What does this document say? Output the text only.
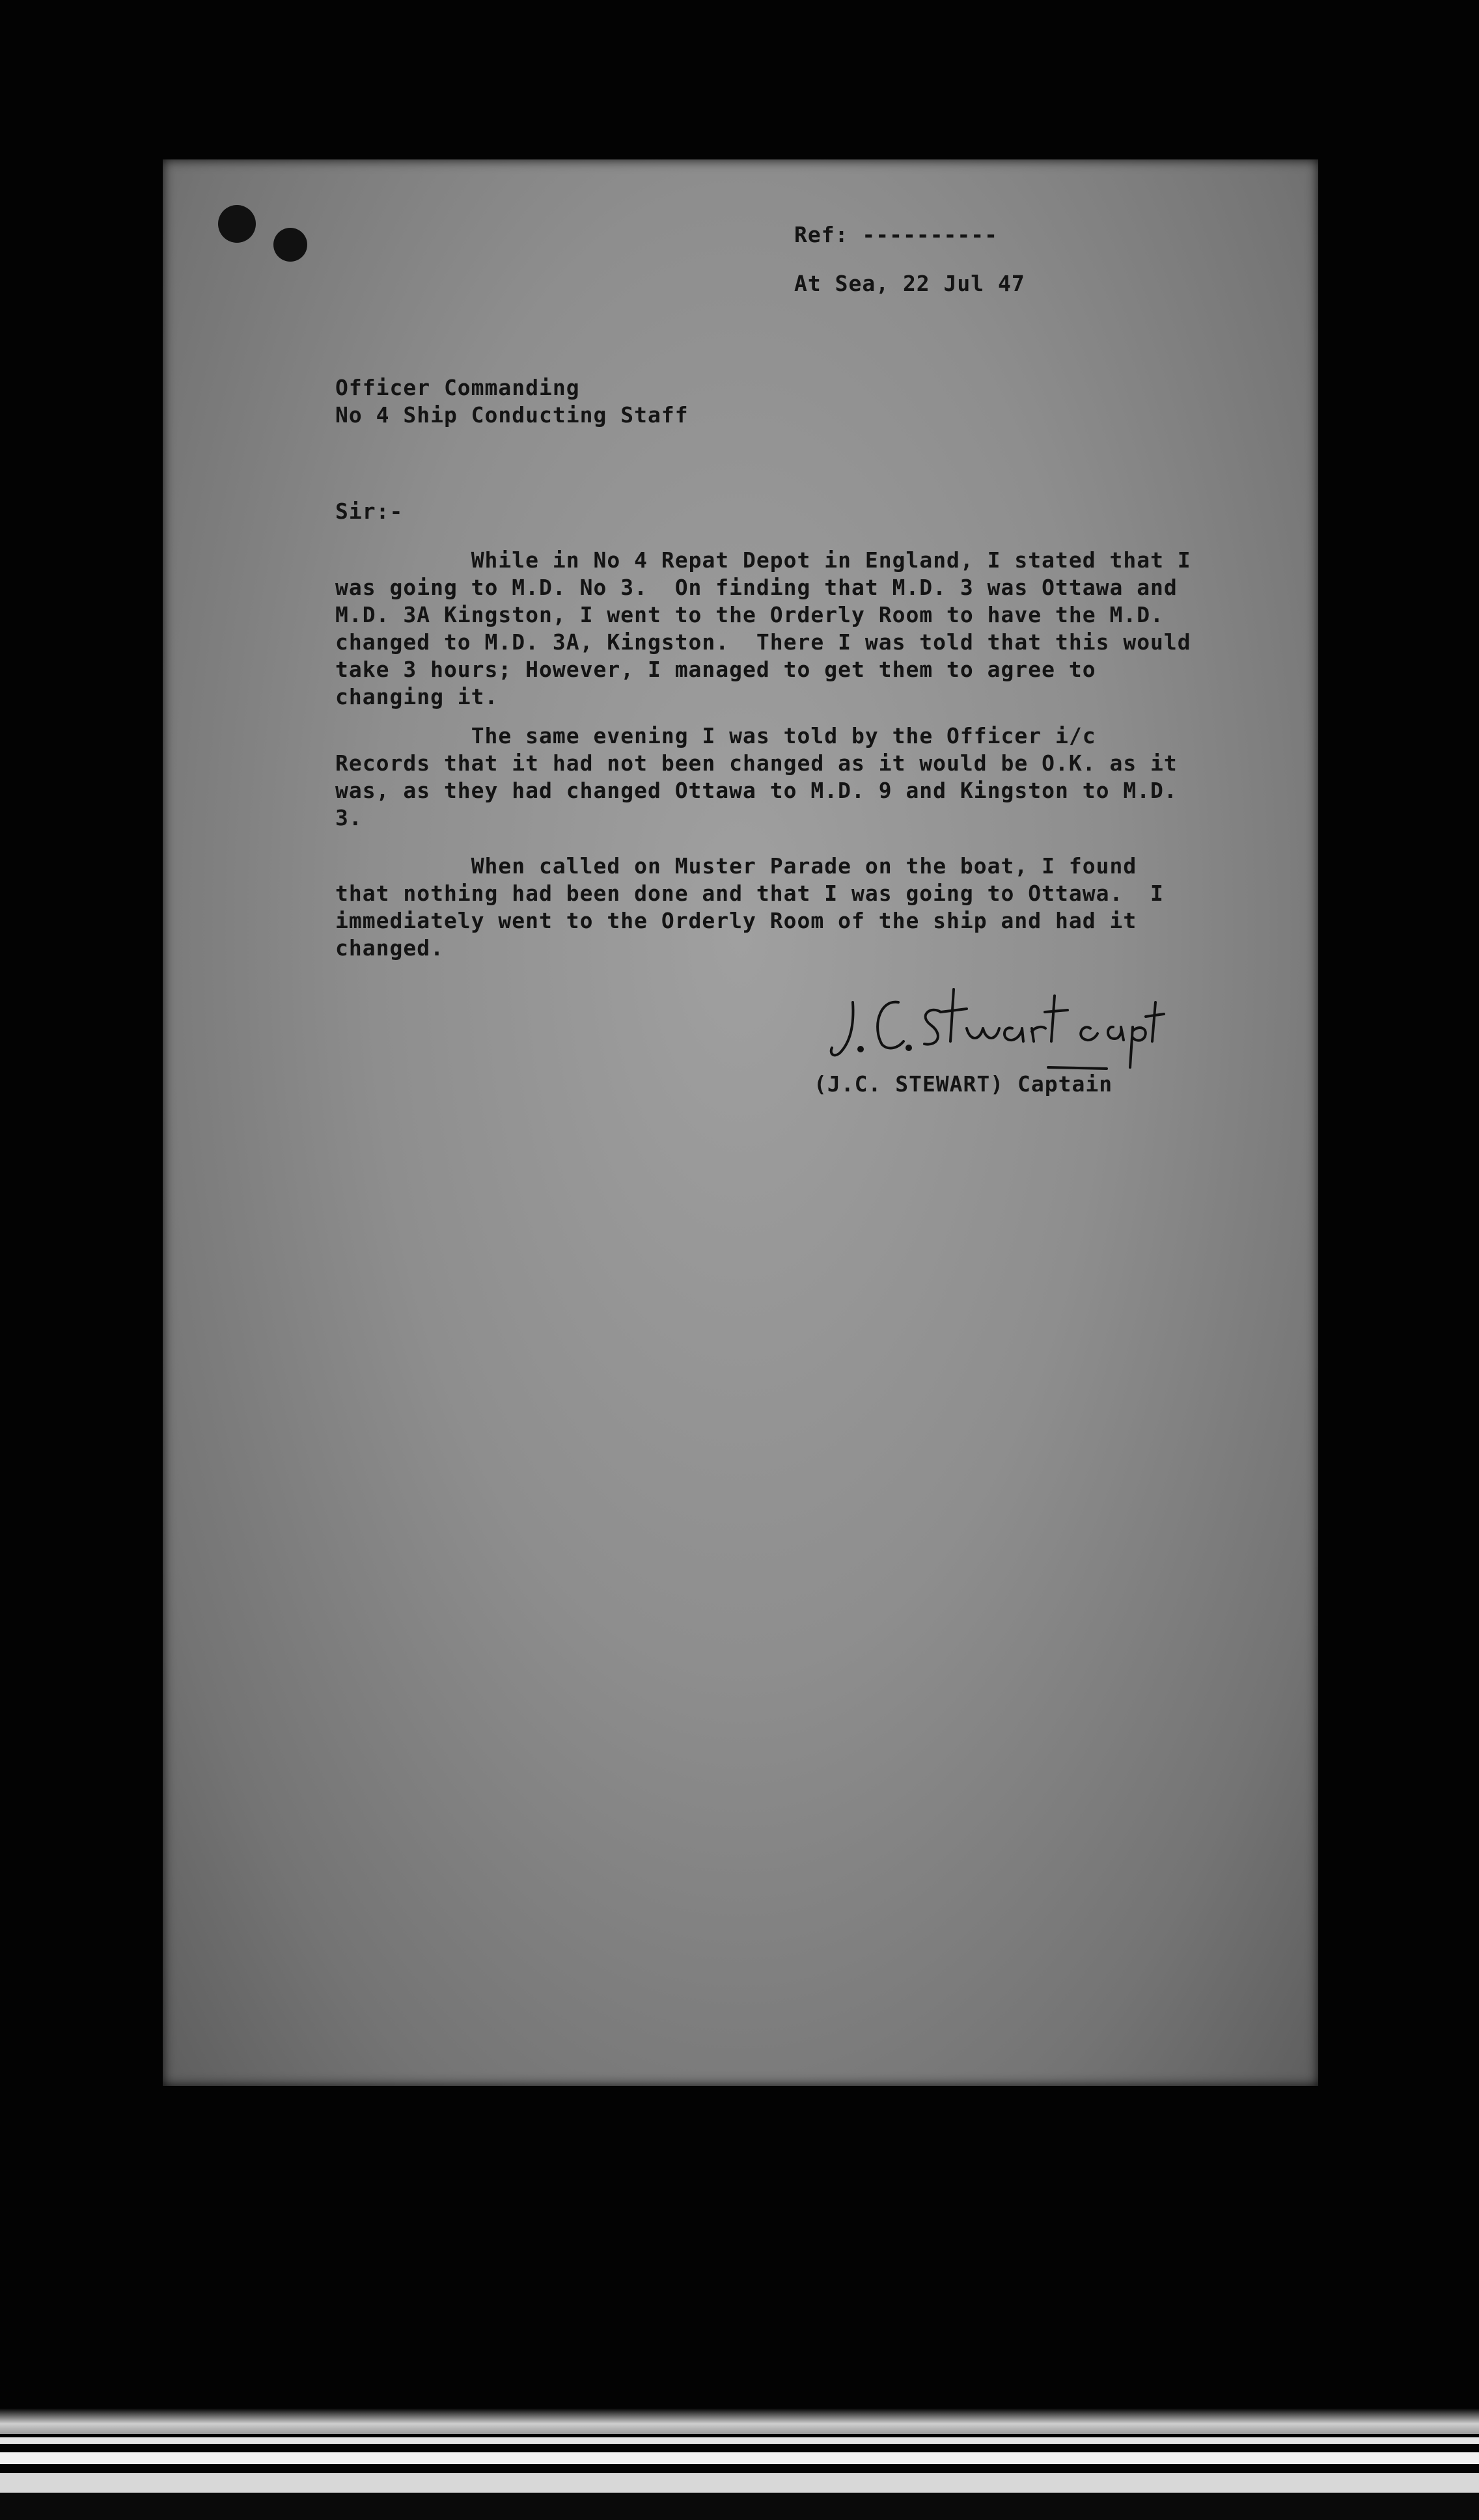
Ref: ----------
At Sea, 22 Jul 47
Officer Commanding
No 4 Ship Conducting Staff
Sir:-
While in No 4 Repat Depot in England, I stated that I was going to M.D. No 3.  On finding that M.D. 3 was Ottawa and M.D. 3A Kingston, I went to the Orderly Room to have the M.D. changed to M.D. 3A, Kingston.  There I was told that this would take 3 hours; However, I managed to get them to agree to changing it.
The same evening I was told by the Officer i/c Records that it had not been changed as it would be O.K. as it was, as they had changed Ottawa to M.D. 9 and Kingston to M.D. 3.
When called on Muster Parade on the boat, I found that nothing had been done and that I was going to Ottawa.  I immediately went to the Orderly Room of the ship and had it changed.
(J.C. STEWART) Captain
